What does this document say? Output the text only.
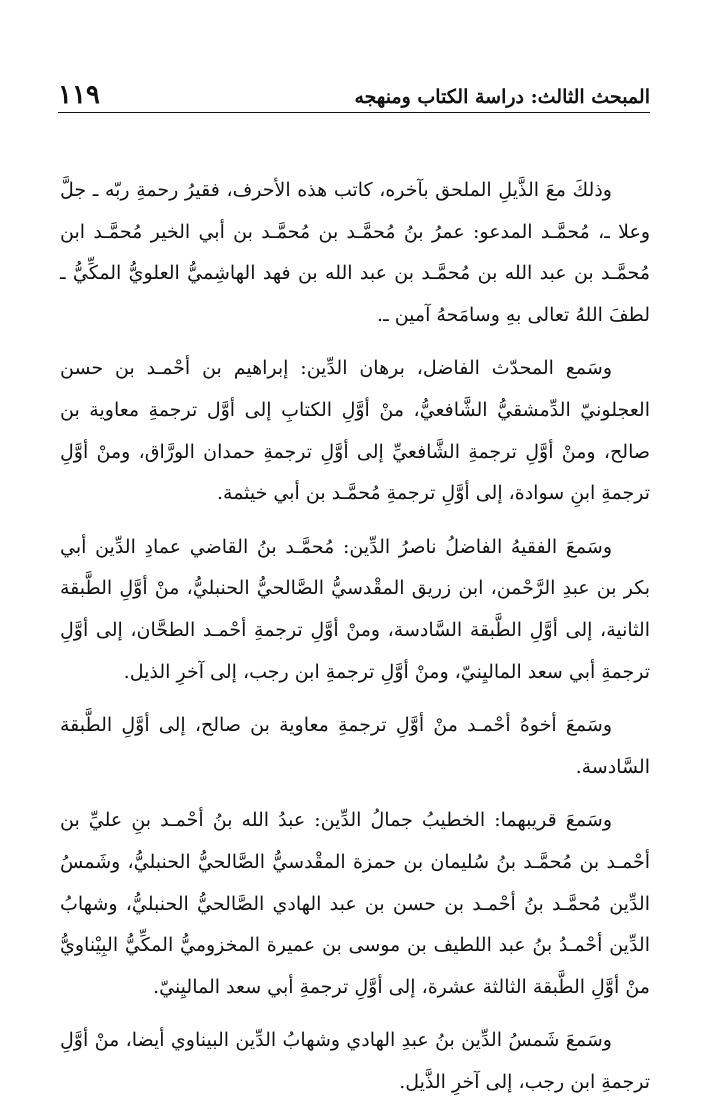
المبحث الثالث: دراسة الكتاب ومنهجه
١١٩

وذلكَ معَ الذَّيلِ الملحق بآخره، كاتب هذه الأحرف، فقيرُ رحمةِ ربّه ـ جلَّ وعلا ـ، مُحمَّـد المدعو: عمرُ بنُ مُحمَّـد بن مُحمَّـد بن أبي الخير مُحمَّـد ابن مُحمَّـد بن عبد الله بن مُحمَّـد بن عبد الله بن فهد الهاشِميُّ العلويُّ المكِّيُّ ـ لطفَ اللهُ تعالى بهِ وسامَحهُ آمين ـ.

وسَمع المحدّث الفاضل، برهان الدِّين: إبراهيم بن أحْمـد بن حسن العجلونيّ الدِّمشقيُّ الشَّافعيُّ، منْ أوَّلِ الكتابِ إلى أوَّل ترجمةِ معاوية بن صالح، ومنْ أوَّلِ ترجمةِ الشَّافعيِّ إلى أوَّلِ ترجمةِ حمدان الورَّاق، ومنْ أوَّلِ ترجمةِ ابنِ سوادة، إلى أوَّلِ ترجمةِ مُحمَّـد بن أبي خيثمة.

وسَمعَ الفقيهُ الفاضلُ ناصرُ الدِّين: مُحمَّـد بنُ القاضي عمادِ الدِّين أبي بكر بن عبدِ الرَّحْمن، ابن زريق المقْدسيُّ الصَّالحيُّ الحنبليُّ، منْ أوَّلِ الطَّبقة الثانية، إلى أوَّلِ الطَّبقة السَّادسة، ومنْ أوَّلِ ترجمةِ أحْمـد الطحَّان، إلى أوَّلِ ترجمةِ أبي سعد الماليِنيّ، ومنْ أوَّلِ ترجمةِ ابن رجب، إلى آخرِ الذيل.

وسَمعَ أخوهُ أحْمـد منْ أوَّلِ ترجمةِ معاوية بن صالح، إلى أوَّلِ الطَّبقة السَّادسة.

وسَمعَ قريبهما: الخطيبُ جمالُ الدِّين: عبدُ الله بنُ أحْمـد بنِ عليِّ بن أحْمـد بن مُحمَّـد بنُ سُليمان بن حمزة المقْدسيُّ الصَّالحيُّ الحنبليُّ، وشَمسُ الدِّين مُحمَّـد بنُ أحْمـد بن حسن بن عبد الهادي الصَّالحيُّ الحنبليُّ، وشهابُ الدِّين أحْمـدُ بنُ عبد اللطيف بن موسى بن عميرة المخزوميُّ المكِّيُّ البِيْناويُّ منْ أوَّلِ الطَّبقة الثالثة عشرة، إلى أوَّلِ ترجمةِ أبي سعد الماليِنيّ.

وسَمعَ شَمسُ الدِّين بنُ عبدِ الهادي وشهابُ الدِّين البيناوي أيضا، منْ أوَّلِ ترجمةِ ابن رجب، إلى آخرِ الذَّيل.
